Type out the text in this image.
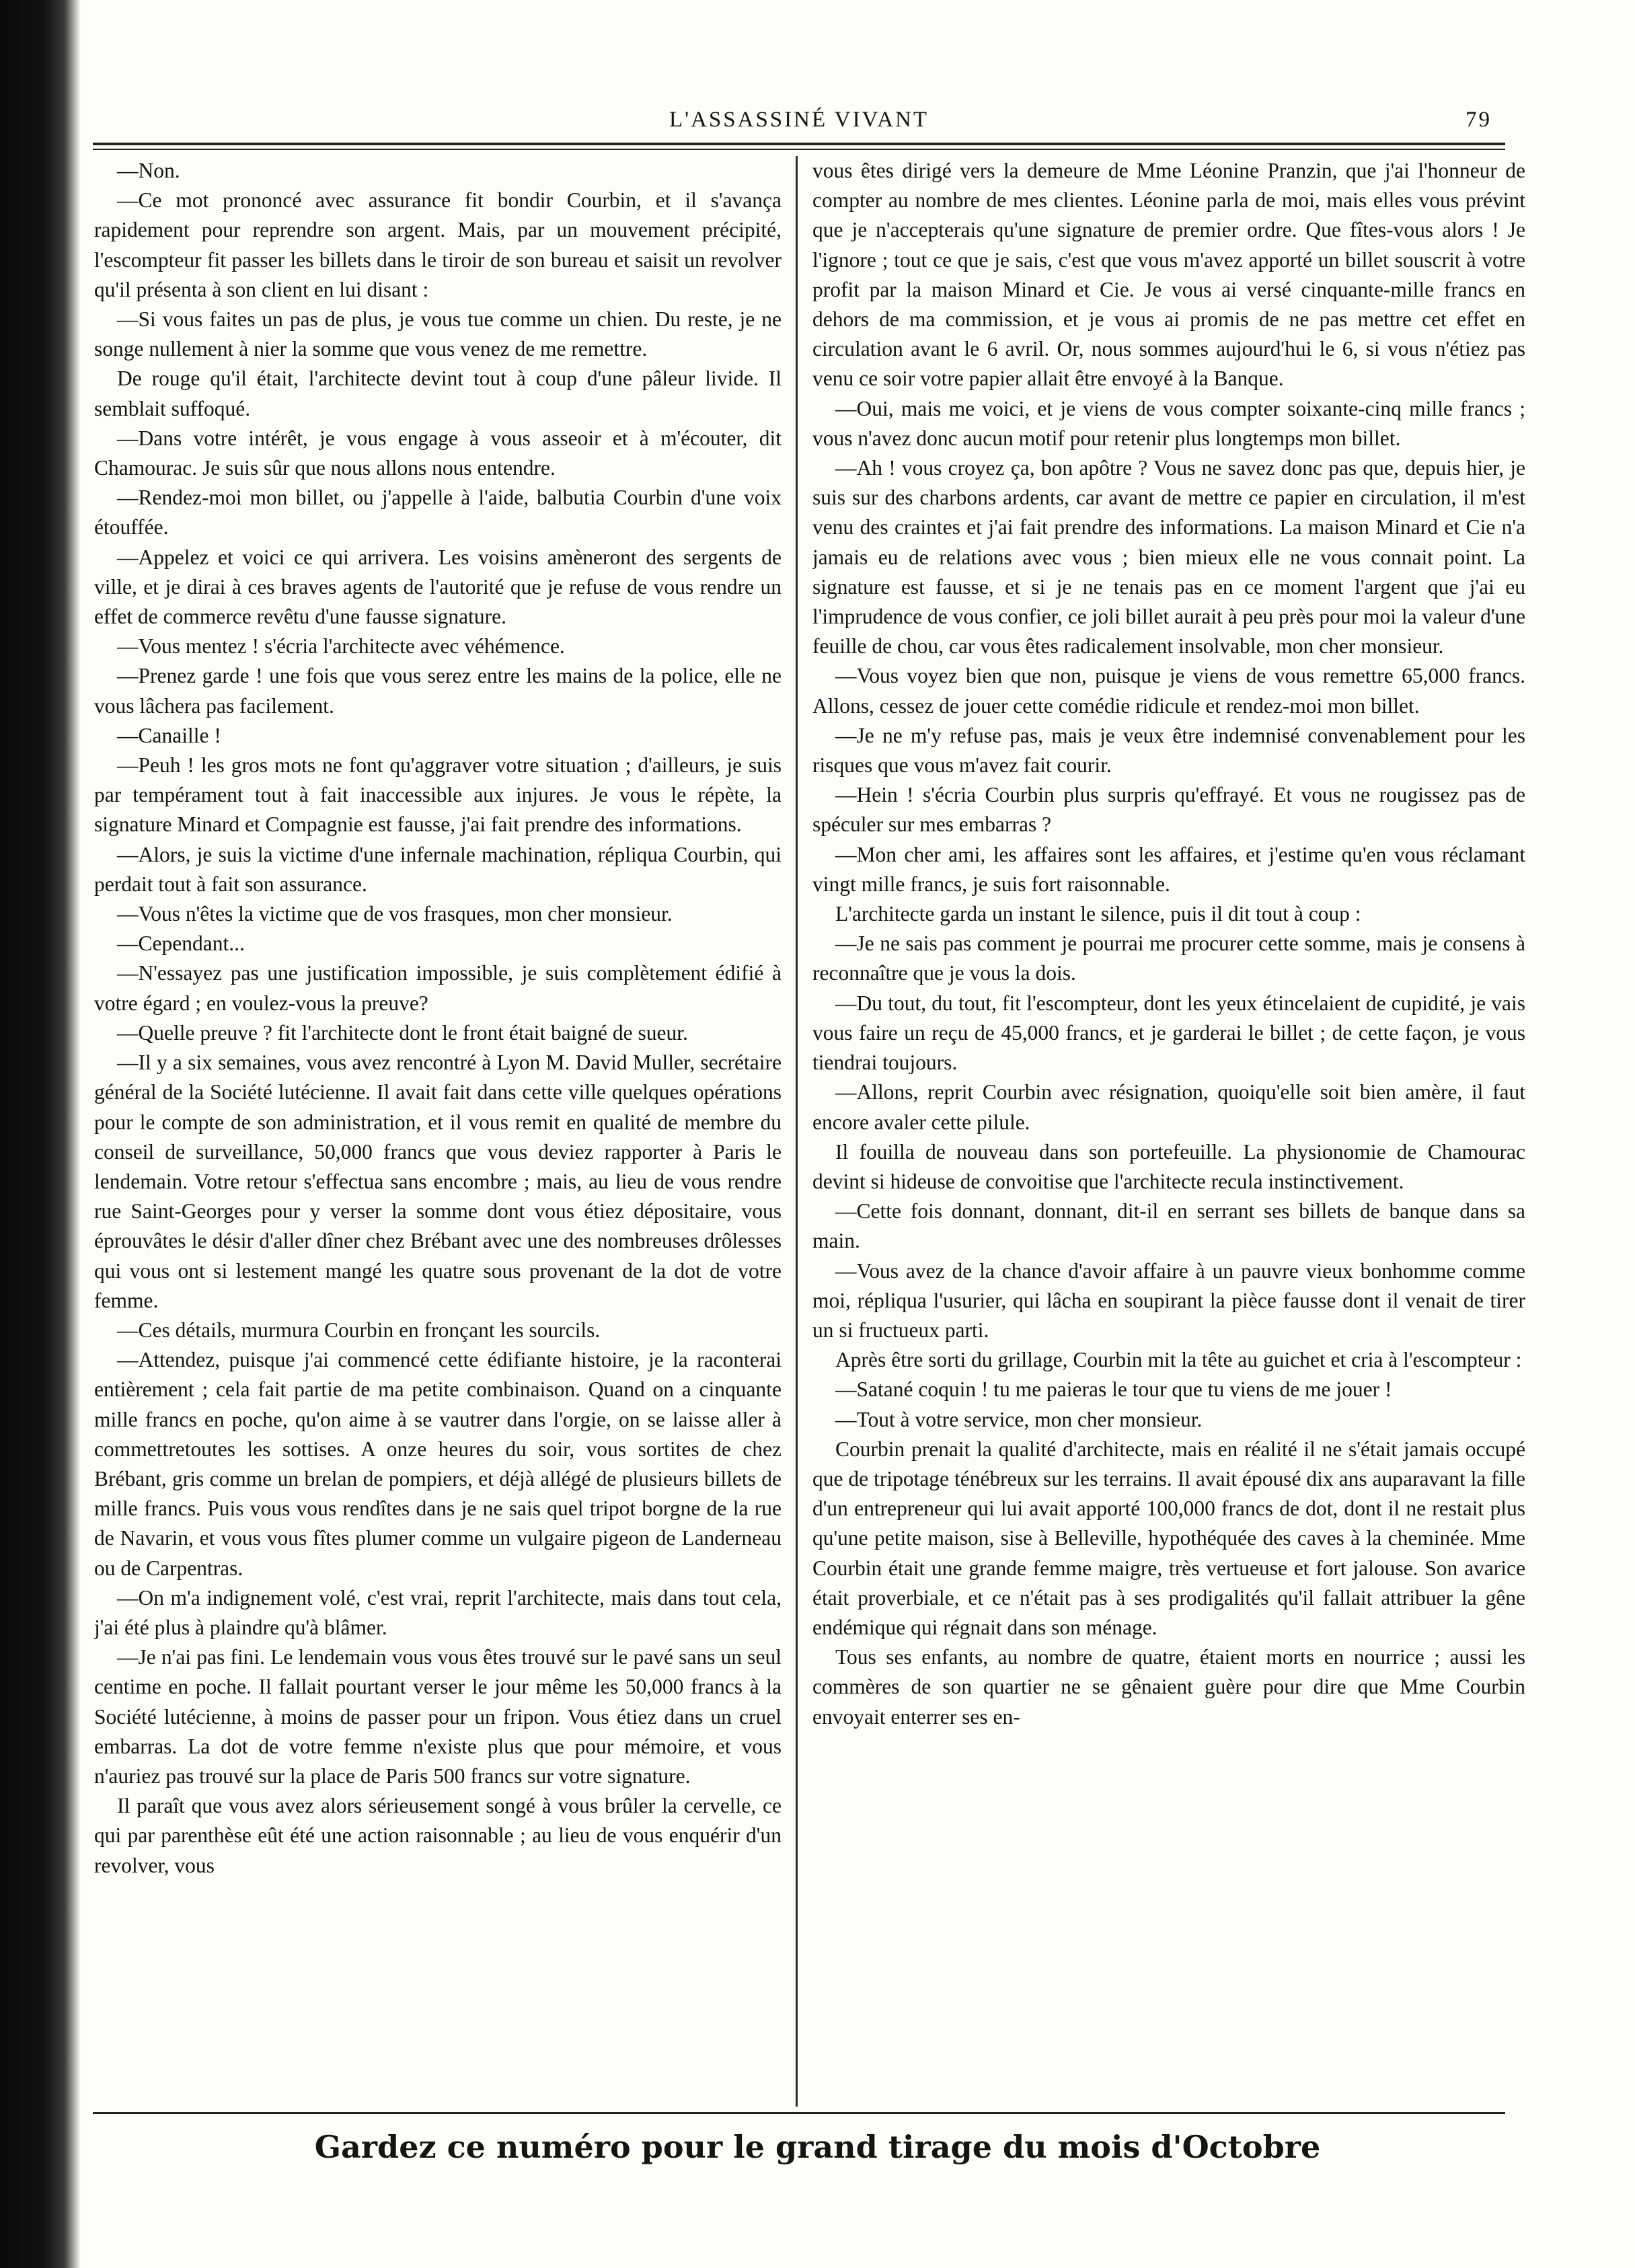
L'ASSASSINÉ VIVANT	79

—Non.

—Ce mot prononcé avec assurance fit bondir Courbin, et il s'avança rapidement pour reprendre son argent. Mais, par un mouvement précipité, l'escompteur fit passer les billets dans le tiroir de son bureau et saisit un revolver qu'il présenta à son client en lui disant :

—Si vous faites un pas de plus, je vous tue comme un chien. Du reste, je ne songe nullement à nier la somme que vous venez de me remettre.

De rouge qu'il était, l'architecte devint tout à coup d'une pâleur livide. Il semblait suffoqué.

—Dans votre intérêt, je vous engage à vous asseoir et à m'écouter, dit Chamourac. Je suis sûr que nous allons nous entendre.

—Rendez-moi mon billet, ou j'appelle à l'aide, balbutia Courbin d'une voix étouffée.

—Appelez et voici ce qui arrivera. Les voisins amèneront des sergents de ville, et je dirai à ces braves agents de l'autorité que je refuse de vous rendre un effet de commerce revêtu d'une fausse signature.

—Vous mentez ! s'écria l'architecte avec véhémence.

—Prenez garde ! une fois que vous serez entre les mains de la police, elle ne vous lâchera pas facilement.

—Canaille !

—Peuh ! les gros mots ne font qu'aggraver votre situation ; d'ailleurs, je suis par tempérament tout à fait inaccessible aux injures. Je vous le répète, la signature Minard et Compagnie est fausse, j'ai fait prendre des informations.

—Alors, je suis la victime d'une infernale machination, répliqua Courbin, qui perdait tout à fait son assurance.

—Vous n'êtes la victime que de vos frasques, mon cher monsieur.

—Cependant...

—N'essayez pas une justification impossible, je suis complètement édifié à votre égard ; en voulez-vous la preuve?

—Quelle preuve ? fit l'architecte dont le front était baigné de sueur.

—Il y a six semaines, vous avez rencontré à Lyon M. David Muller, secrétaire général de la Société lutécienne. Il avait fait dans cette ville quelques opérations pour le compte de son administration, et il vous remit en qualité de membre du conseil de surveillance, 50,000 francs que vous deviez rapporter à Paris le lendemain. Votre retour s'effectua sans encombre ; mais, au lieu de vous rendre rue Saint-Georges pour y verser la somme dont vous étiez dépositaire, vous éprouvâtes le désir d'aller dîner chez Brébant avec une des nombreuses drôlesses qui vous ont si lestement mangé les quatre sous provenant de la dot de votre femme.

—Ces détails, murmura Courbin en fronçant les sourcils.

—Attendez, puisque j'ai commencé cette édifiante histoire, je la raconterai entièrement ; cela fait partie de ma petite combinaison. Quand on a cinquante mille francs en poche, qu'on aime à se vautrer dans l'orgie, on se laisse aller à commettretoutes les sottises. A onze heures du soir, vous sortites de chez Brébant, gris comme un brelan de pompiers, et déjà allégé de plusieurs billets de mille francs. Puis vous vous rendîtes dans je ne sais quel tripot borgne de la rue de Navarin, et vous vous fîtes plumer comme un vulgaire pigeon de Landerneau ou de Carpentras.

—On m'a indignement volé, c'est vrai, reprit l'architecte, mais dans tout cela, j'ai été plus à plaindre qu'à blâmer.

—Je n'ai pas fini. Le lendemain vous vous êtes trouvé sur le pavé sans un seul centime en poche. Il fallait pourtant verser le jour même les 50,000 francs à la Société lutécienne, à moins de passer pour un fripon. Vous étiez dans un cruel embarras. La dot de votre femme n'existe plus que pour mémoire, et vous n'auriez pas trouvé sur la place de Paris 500 francs sur votre signature.

Il paraît que vous avez alors sérieusement songé à vous brûler la cervelle, ce qui par parenthèse eût été une action raisonnable ; au lieu de vous enquérir d'un revolver, vous

vous êtes dirigé vers la demeure de Mme Léonine Pranzin, que j'ai l'honneur de compter au nombre de mes clientes. Léonine parla de moi, mais elles vous prévint que je n'accepterais qu'une signature de premier ordre. Que fîtes-vous alors ! Je l'ignore ; tout ce que je sais, c'est que vous m'avez apporté un billet souscrit à votre profit par la maison Minard et Cie. Je vous ai versé cinquante-mille francs en dehors de ma commission, et je vous ai promis de ne pas mettre cet effet en circulation avant le 6 avril. Or, nous sommes aujourd'hui le 6, si vous n'étiez pas venu ce soir votre papier allait être envoyé à la Banque.

—Oui, mais me voici, et je viens de vous compter soixante-cinq mille francs ; vous n'avez donc aucun motif pour retenir plus longtemps mon billet.

—Ah ! vous croyez ça, bon apôtre ? Vous ne savez donc pas que, depuis hier, je suis sur des charbons ardents, car avant de mettre ce papier en circulation, il m'est venu des craintes et j'ai fait prendre des informations. La maison Minard et Cie n'a jamais eu de relations avec vous ; bien mieux elle ne vous connait point. La signature est fausse, et si je ne tenais pas en ce moment l'argent que j'ai eu l'imprudence de vous confier, ce joli billet aurait à peu près pour moi la valeur d'une feuille de chou, car vous êtes radicalement insolvable, mon cher monsieur.

—Vous voyez bien que non, puisque je viens de vous remettre 65,000 francs. Allons, cessez de jouer cette comédie ridicule et rendez-moi mon billet.

—Je ne m'y refuse pas, mais je veux être indemnisé convenablement pour les risques que vous m'avez fait courir.

—Hein ! s'écria Courbin plus surpris qu'effrayé. Et vous ne rougissez pas de spéculer sur mes embarras ?

—Mon cher ami, les affaires sont les affaires, et j'estime qu'en vous réclamant vingt mille francs, je suis fort raisonnable.

L'architecte garda un instant le silence, puis il dit tout à coup :

—Je ne sais pas comment je pourrai me procurer cette somme, mais je consens à reconnaître que je vous la dois.

—Du tout, du tout, fit l'escompteur, dont les yeux étincelaient de cupidité, je vais vous faire un reçu de 45,000 francs, et je garderai le billet ; de cette façon, je vous tiendrai toujours.

—Allons, reprit Courbin avec résignation, quoiqu'elle soit bien amère, il faut encore avaler cette pilule.

Il fouilla de nouveau dans son portefeuille. La physionomie de Chamourac devint si hideuse de convoitise que l'architecte recula instinctivement.

—Cette fois donnant, donnant, dit-il en serrant ses billets de banque dans sa main.

—Vous avez de la chance d'avoir affaire à un pauvre vieux bonhomme comme moi, répliqua l'usurier, qui lâcha en soupirant la pièce fausse dont il venait de tirer un si fructueux parti.

Après être sorti du grillage, Courbin mit la tête au guichet et cria à l'escompteur :

—Satané coquin ! tu me paieras le tour que tu viens de me jouer !

—Tout à votre service, mon cher monsieur.

Courbin prenait la qualité d'architecte, mais en réalité il ne s'était jamais occupé que de tripotage ténébreux sur les terrains. Il avait épousé dix ans auparavant la fille d'un entrepreneur qui lui avait apporté 100,000 francs de dot, dont il ne restait plus qu'une petite maison, sise à Belleville, hypothéquée des caves à la cheminée. Mme Courbin était une grande femme maigre, très vertueuse et fort jalouse. Son avarice était proverbiale, et ce n'était pas à ses prodigalités qu'il fallait attribuer la gêne endémique qui régnait dans son ménage.

Tous ses enfants, au nombre de quatre, étaient morts en nourrice ; aussi les commères de son quartier ne se gênaient guère pour dire que Mme Courbin envoyait enterrer ses en-

Gardez ce numéro pour le grand tirage du mois d'Octobre
